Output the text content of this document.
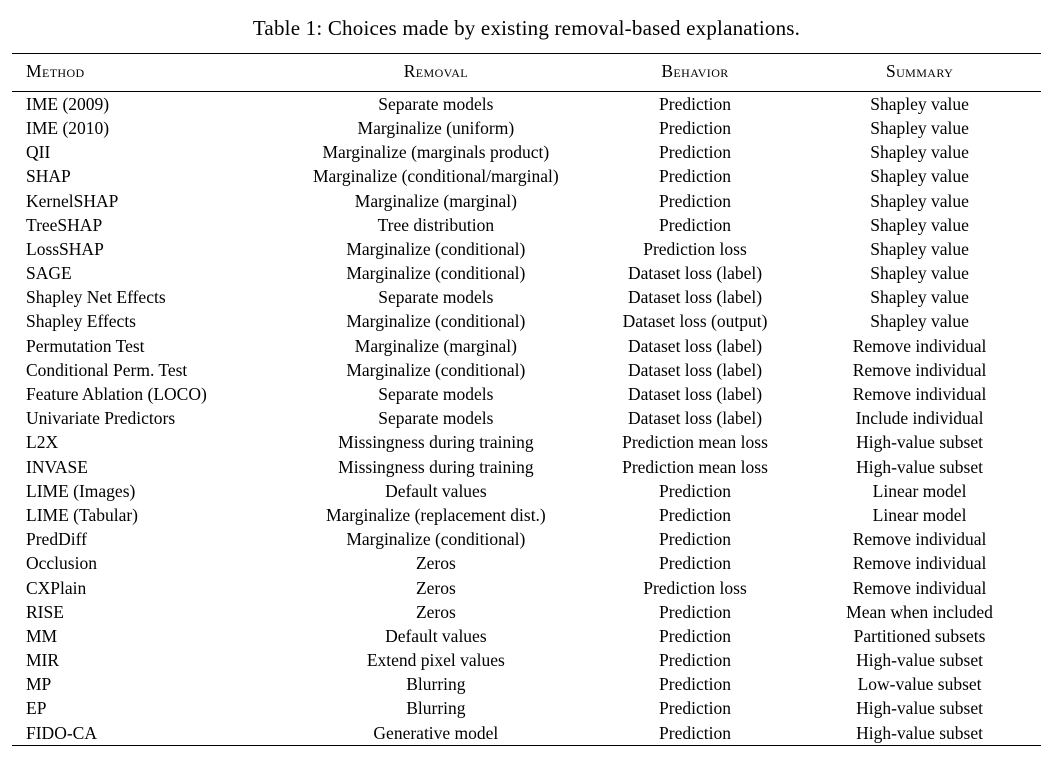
Table 1: Choices made by existing removal-based explanations.
Method	Removal	Behavior	Summary
IME (2009)	Separate models	Prediction	Shapley value
IME (2010)	Marginalize (uniform)	Prediction	Shapley value
QII	Marginalize (marginals product)	Prediction	Shapley value
SHAP	Marginalize (conditional/marginal)	Prediction	Shapley value
KernelSHAP	Marginalize (marginal)	Prediction	Shapley value
TreeSHAP	Tree distribution	Prediction	Shapley value
LossSHAP	Marginalize (conditional)	Prediction loss	Shapley value
SAGE	Marginalize (conditional)	Dataset loss (label)	Shapley value
Shapley Net Effects	Separate models	Dataset loss (label)	Shapley value
Shapley Effects	Marginalize (conditional)	Dataset loss (output)	Shapley value
Permutation Test	Marginalize (marginal)	Dataset loss (label)	Remove individual
Conditional Perm. Test	Marginalize (conditional)	Dataset loss (label)	Remove individual
Feature Ablation (LOCO)	Separate models	Dataset loss (label)	Remove individual
Univariate Predictors	Separate models	Dataset loss (label)	Include individual
L2X	Missingness during training	Prediction mean loss	High-value subset
INVASE	Missingness during training	Prediction mean loss	High-value subset
LIME (Images)	Default values	Prediction	Linear model
LIME (Tabular)	Marginalize (replacement dist.)	Prediction	Linear model
PredDiff	Marginalize (conditional)	Prediction	Remove individual
Occlusion	Zeros	Prediction	Remove individual
CXPlain	Zeros	Prediction loss	Remove individual
RISE	Zeros	Prediction	Mean when included
MM	Default values	Prediction	Partitioned subsets
MIR	Extend pixel values	Prediction	High-value subset
MP	Blurring	Prediction	Low-value subset
EP	Blurring	Prediction	High-value subset
FIDO-CA	Generative model	Prediction	High-value subset
